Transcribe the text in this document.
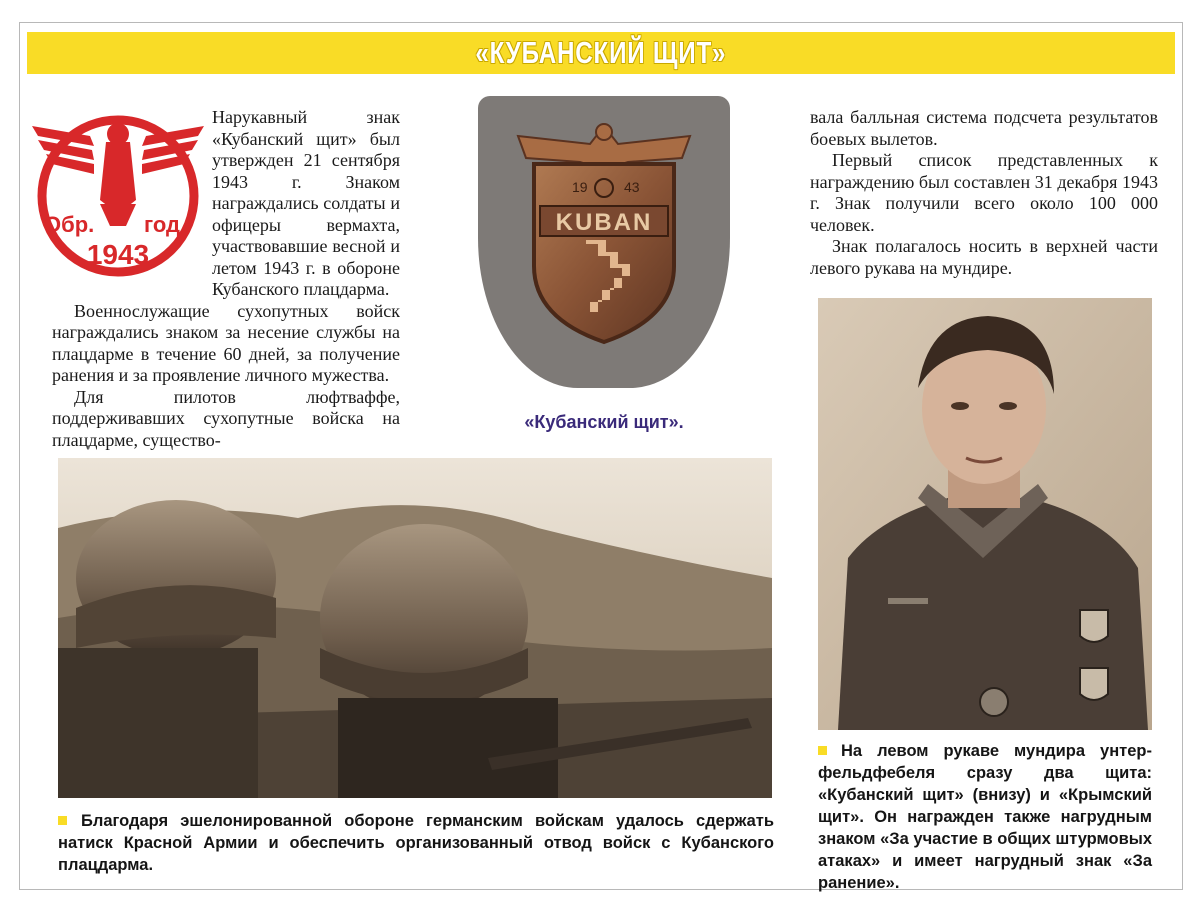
«КУБАНСКИЙ ЩИТ»
Обр. год.
1943

Нарукавный знак «Кубанский щит» был утвержден 21 сентября 1943 г. Знаком награждались солдаты и офицеры вермахта, участвовавшие весной и летом 1943 г. в обороне Кубанского плацдарма.

Военнослужащие сухопутных войск награждались знаком за несение службы на плацдарме в течение 60 дней, за получение ранения и за проявление личного мужества.

Для пилотов люфтваффе, поддерживавших сухопутные войска на плацдарме, существо-

19	43
KUBAN
«Кубанский щит».

вала балльная система подсчета результатов боевых вылетов.

Первый список представленных к награждению был составлен 31 декабря 1943 г. Знак получили всего около 100 000 человек.

Знак полагалось носить в верхней части левого рукава на мундире.

Благодаря эшелонированной обороне германским войскам удалось сдержать натиск Красной Армии и обеспечить организованный отвод войск с Кубанского плацдарма.

На левом рукаве мундира унтер-фельдфебеля сразу два щита: «Кубанский щит» (внизу) и «Крымский щит». Он награжден также нагрудным знаком «За участие в общих штурмовых атаках» и имеет нагрудный знак «За ранение».
